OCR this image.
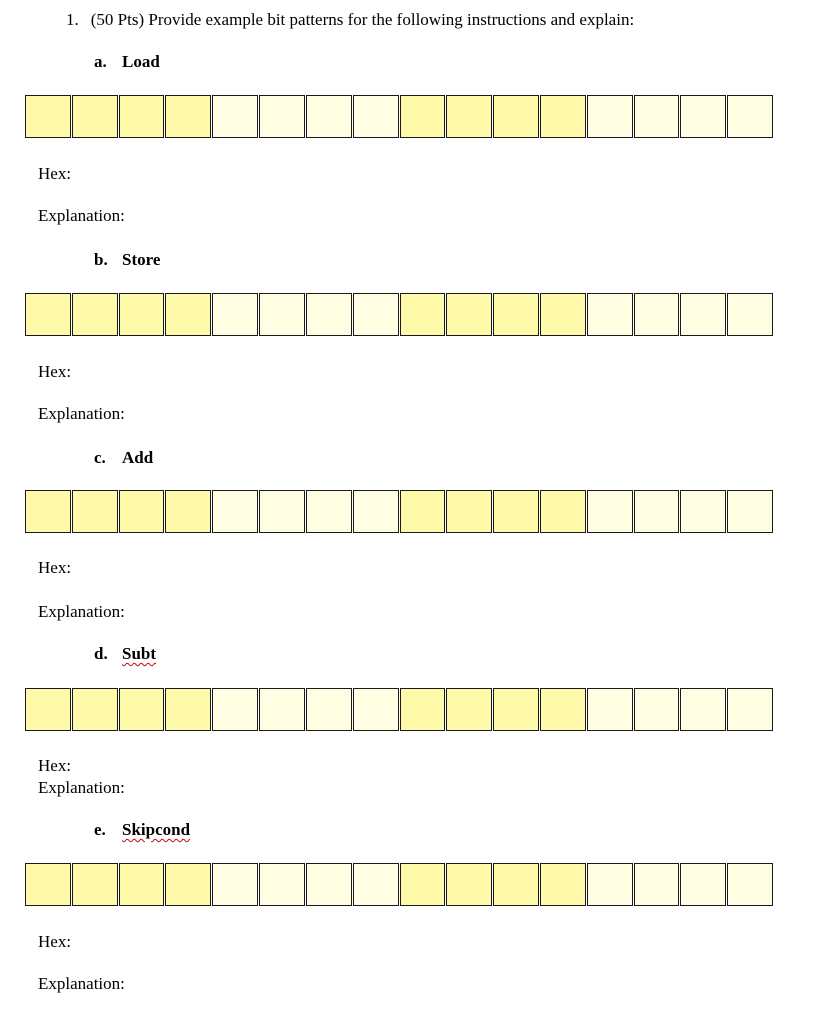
1. (50 Pts) Provide example bit patterns for the following instructions and explain:
a. Load
Hex:
Explanation:
b. Store
Hex:
Explanation:
c. Add
Hex:
Explanation:
d. Subt
Hex:
Explanation:
e. Skipcond
Hex:
Explanation:
